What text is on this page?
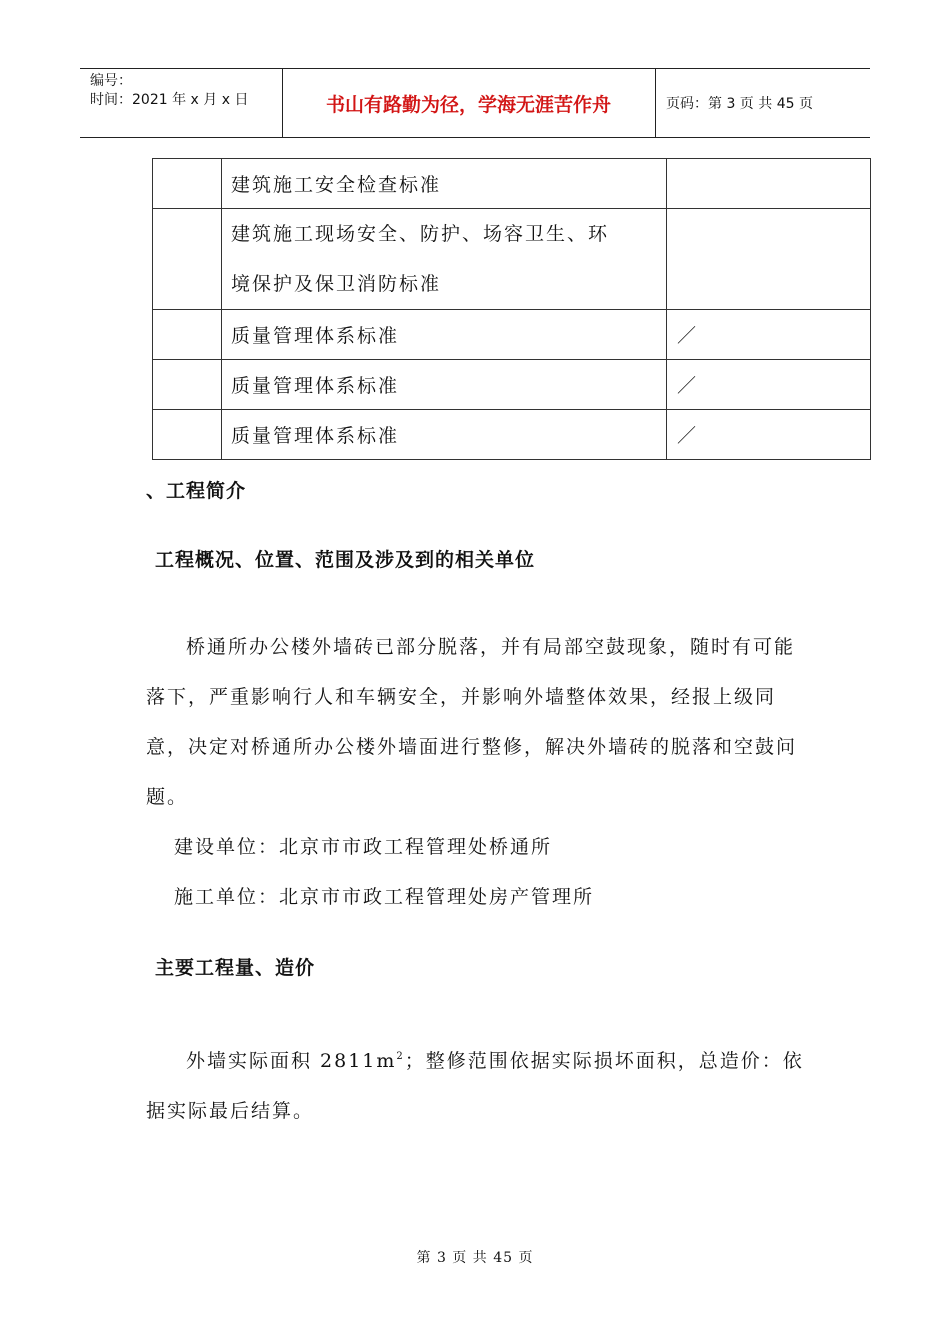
编号：
时间：2021 年 x 月 x 日	书山有路勤为径，学海无涯苦作舟	页码：第 3 页 共 45 页
	建筑施工安全检查标准	

	建筑施工现场安全、防护、场容卫生、环
境保护及保卫消防标准	

	质量管理体系标准	／
	质量管理体系标准	／
	质量管理体系标准	／
、工程简介
工程概况、位置、范围及涉及到的相关单位
桥通所办公楼外墙砖已部分脱落，并有局部空鼓现象，随时有可能落下，严重影响行人和车辆安全，并影响外墙整体效果，经报上级同意，决定对桥通所办公楼外墙面进行整修，解决外墙砖的脱落和空鼓问题。
建设单位：北京市市政工程管理处桥通所
施工单位：北京市市政工程管理处房产管理所
主要工程量、造价
外墙实际面积 $2811m^2$；整修范围依据实际损坏面积，总造价：依据实际最后结算。
第 3 页 共 45 页
